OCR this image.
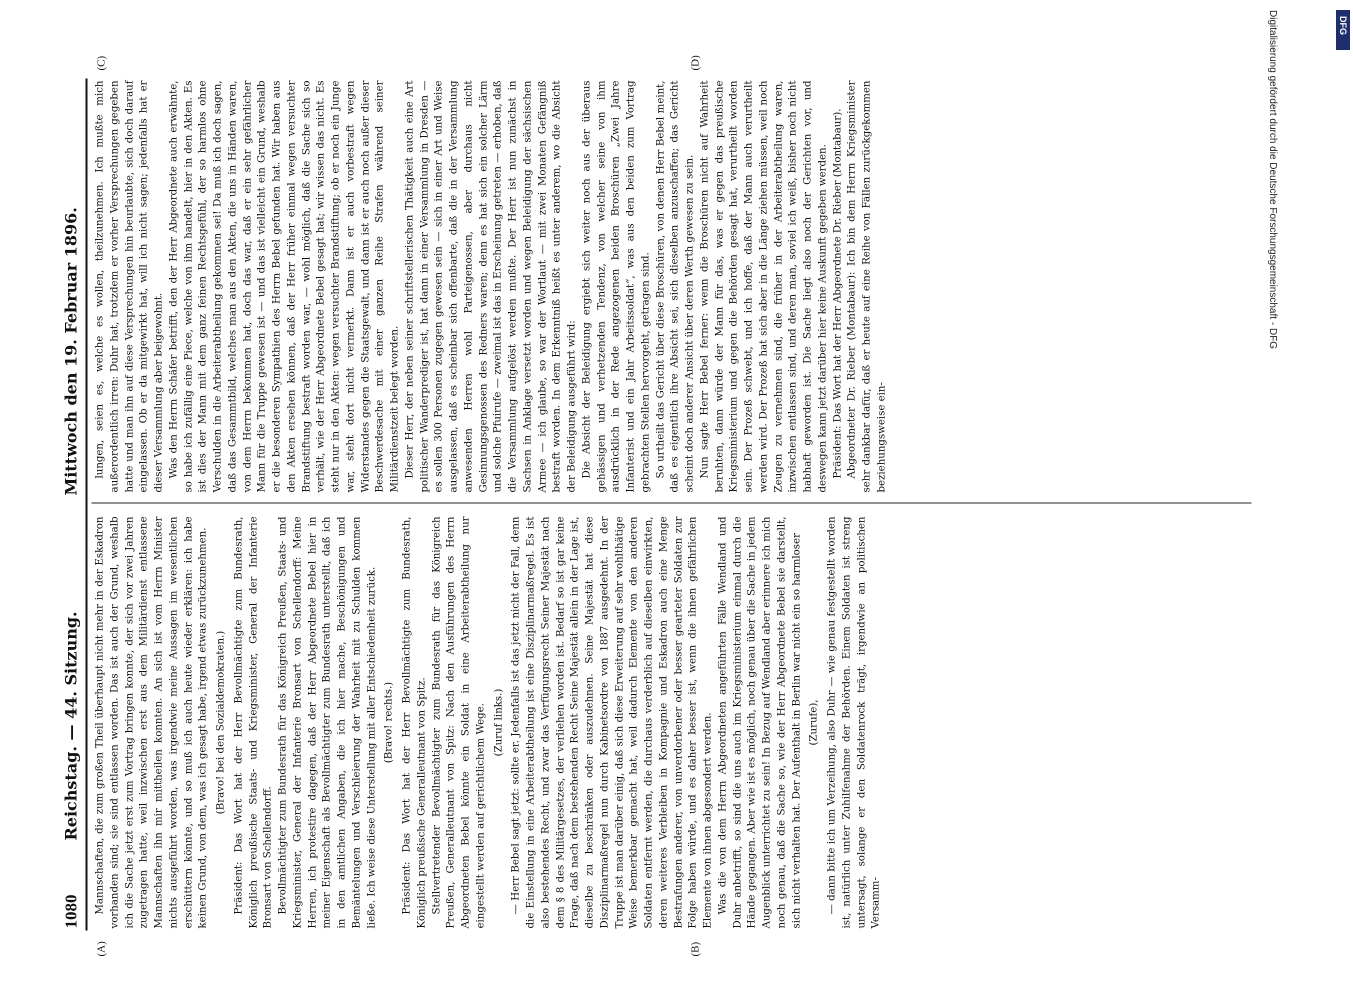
1080
Reichstag. — 44. Sitzung.
Mittwoch den 19. Februar 1896.
(A)	(B)
(C)	(D)

Mannschaften, die zum großen Theil überhaupt nicht mehr in der Eskadron vorhanden sind; sie sind entlassen worden. Das ist auch der Grund, weshalb ich die Sache jetzt erst zum Vortrag bringen konnte, der sich vor zwei Jahren zugetragen hatte, weil inzwischen erst aus dem Militärdienst entlassene Mannschaften ihn mir mittheilen konnten. An sich ist vom Herrn Minister nichts ausgeführt worden, was irgendwie meine Aussagen im wesentlichen erschüttern könnte, und so muß ich auch heute wieder erklären: ich habe keinen Grund, von dem, was ich gesagt habe, irgend etwas zurückzunehmen. (Bravo! bei den Sozialdemokraten.) Präsident: Das Wort hat der Herr Bevollmächtigte zum Bundesrath, Königlich preußische Staats- und Kriegsminister, General der Infanterie Bronsart von Schellendorff. Bevollmächtigter zum Bundesrath für das Königreich Preußen, Staats- und Kriegsminister, General der Infanterie Bronsart von Schellendorff: Meine Herren, ich protestire dagegen, daß der Herr Abgeordnete Bebel hier in meiner Eigenschaft als Bevollmächtigter zum Bundesrath unterstellt, daß ich in den amtlichen Angaben, die ich hier mache, Beschönigungen und Bemäntelungen und Verschleierung der Wahrheit mit zu Schulden kommen ließe. Ich weise diese Unterstellung mit aller Entschiedenheit zurück. (Bravo! rechts.) Präsident: Das Wort hat der Herr Bevollmächtigte zum Bundesrath, Königlich preußische Generalleutnant von Spitz. Stellvertretender Bevollmächtigter zum Bundesrath für das Königreich Preußen, Generalleutnant von Spitz: Nach den Ausführungen des Herrn Abgeordneten Bebel könnte ein Soldat in eine Arbeiterabtheilung nur eingestellt werden auf gerichtlichem Wege. (Zuruf links.) — Herr Bebel sagt jetzt: sollte er. Jedenfalls ist das jetzt nicht der Fall, denn die Einstellung in eine Arbeiterabtheilung ist eine Disziplinarmaßregel. Es ist also bestehendes Recht, und zwar das Verfügungsrecht Seiner Majestät nach dem § 8 des Militärgesetzes, der verliehen worden ist. Bedarf so ist gar keine Frage, daß nach dem bestehenden Recht Seine Majestät allein in der Lage ist, dieselbe zu beschränken oder auszudehnen. Seine Majestät hat diese Disziplinarmaßregel nun durch Kabinetsordre von 1887 ausgedehnt. In der Truppe ist man darüber einig, daß sich diese Erweiterung auf sehr wohlthätige Weise bemerkbar gemacht hat, weil dadurch Elemente von den anderen Soldaten entfernt werden, die durchaus verderblich auf dieselben einwirkten, deren weiteres Verbleiben in Kompagnie und Eskadron auch eine Menge Bestrafungen anderer, von unverdorbener oder besser gearteter Soldaten zur Folge haben würde, und es daher besser ist, wenn die ihnen gefährlichen Elemente von ihnen abgesondert werden. Was die von dem Herrn Abgeordneten angeführten Fälle Wendland und Duhr anbetrifft, so sind die uns auch im Kriegsministerium einmal durch die Hände gegangen. Aber wie ist es möglich, noch genau über die Sache in jedem Augenblick unterrichtet zu sein! In Bezug auf Wendland aber erinnere ich mich noch genau, daß die Sache so, wie der Herr Abgeordnete Bebel sie darstellt, sich nicht verhalten hat. Der Aufenthalt in Berlin war nicht ein so harmloser (Zurufe), — dann bitte ich um Verzeihung, also Duhr — wie genau festgestellt worden ist, natürlich unter Zuhilfenahme der Behörden. Einem Soldaten ist streng untersagt, solange er den Soldatenrock trägt, irgendwie an politischen Versamm-

lungen, seien es, welche es wollen, theilzunehmen. Ich mußte mich außerordentlich irren: Duhr hat, trotzdem er vorher Versprechungen gegeben hatte und man ihn auf diese Versprechungen hin beurlaubte, sich doch darauf eingelassen. Ob er da mitgewirkt hat, will ich nicht sagen; jedenfalls hat er dieser Versammlung aber beigewohnt. Was den Herrn Schäfer betrifft, den der Herr Abgeordnete auch erwähnte, so habe ich zufällig eine Piece, welche von ihm handelt, hier in den Akten. Es ist dies der Mann mit dem ganz feinen Rechtsgefühl, der so harmlos ohne Verschulden in die Arbeiterabtheilung gekommen sei! Da muß ich doch sagen, daß das Gesammtbild, welches man aus den Akten, die uns in Händen waren, von dem Herrn bekommen hat, doch das war, daß er ein sehr gefährlicher Mann für die Truppe gewesen ist — und das ist vielleicht ein Grund, weshalb er die besonderen Sympathien des Herrn Bebel gefunden hat. Wir haben aus den Akten ersehen können, daß der Herr früher einmal wegen versuchter Brandstiftung bestraft worden war, — wohl möglich, daß die Sache sich so verhält, wie der Herr Abgeordnete Bebel gesagt hat; wir wissen das nicht. Es steht nur in den Akten: wegen versuchter Brandstiftung; ob er noch ein Junge war, steht dort nicht vermerkt. Dann ist er auch vorbestraft wegen Widerstandes gegen die Staatsgewalt, und dann ist er auch noch außer dieser Beschwerdesache mit einer ganzen Reihe Strafen während seiner Militärdienstzeit belegt worden. Dieser Herr, der neben seiner schriftstellerischen Thätigkeit auch eine Art politischer Wanderprediger ist, hat dann in einer Versammlung in Dresden — es sollen 300 Personen zugegen gewesen sein — sich in einer Art und Weise ausgelassen, daß es scheinbar sich offenbarte, daß die in der Versammlung anwesenden Herren wohl Parteigenossen, aber durchaus nicht Gesinnungsgenossen des Redners waren; denn es hat sich ein solcher Lärm und solche Pfuirufe — zweimal ist das in Erscheinung getreten — erhoben, daß die Versammlung aufgelöst werden mußte. Der Herr ist nun zunächst in Sachsen in Anklage versetzt worden und wegen Beleidigung der sächsischen Armee — ich glaube, so war der Wortlaut — mit zwei Monaten Gefängniß bestraft worden. In dem Erkenntniß heißt es unter anderem, wo die Absicht der Beleidigung ausgeführt wird: Die Absicht der Beleidigung ergiebt sich weiter noch aus der überaus gehässigen und verhetzenden Tendenz, von welcher seine von ihm ausdrücklich in der Rede angezogenen beiden Broschüren „Zwei Jahre Infanterist und ein Jahr Arbeitssoldat“, was aus den beiden zum Vortrag gebrachten Stellen hervorgeht, getragen sind. So urtheilt das Gericht über diese Broschüren, von denen Herr Bebel meint, daß es eigentlich ihre Absicht sei, sich dieselben anzuschaffen; das Gericht scheint doch anderer Ansicht über deren Werth gewesen zu sein. Nun sagte Herr Bebel ferner: wenn die Broschüren nicht auf Wahrheit beruhten, dann würde der Mann für das, was er gegen das preußische Kriegsministerium und gegen die Behörden gesagt hat, verurtheilt worden sein. Der Prozeß schwebt, und ich hoffe, daß der Mann auch verurtheilt werden wird. Der Prozeß hat sich aber in die Länge ziehen müssen, weil noch Zeugen zu vernehmen sind, die früher in der Arbeiterabtheilung waren, inzwischen entlassen sind, und deren man, soviel ich weiß, bisher noch nicht habhaft geworden ist. Die Sache liegt also noch der Gerichten vor, und deswegen kann jetzt darüber hier keine Auskunft gegeben werden. Präsident: Das Wort hat der Herr Abgeordnete Dr. Rieber (Montabaur). Abgeordneter Dr. Rieber (Montabaur): Ich bin dem Herrn Kriegsminister sehr dankbar dafür, daß er heute auf eine Reihe von Fällen zurückgekommen beziehungsweise ein-

Digitalisierung gefördert durch die Deutsche Forschungsgemeinschaft - DFG	DFG
